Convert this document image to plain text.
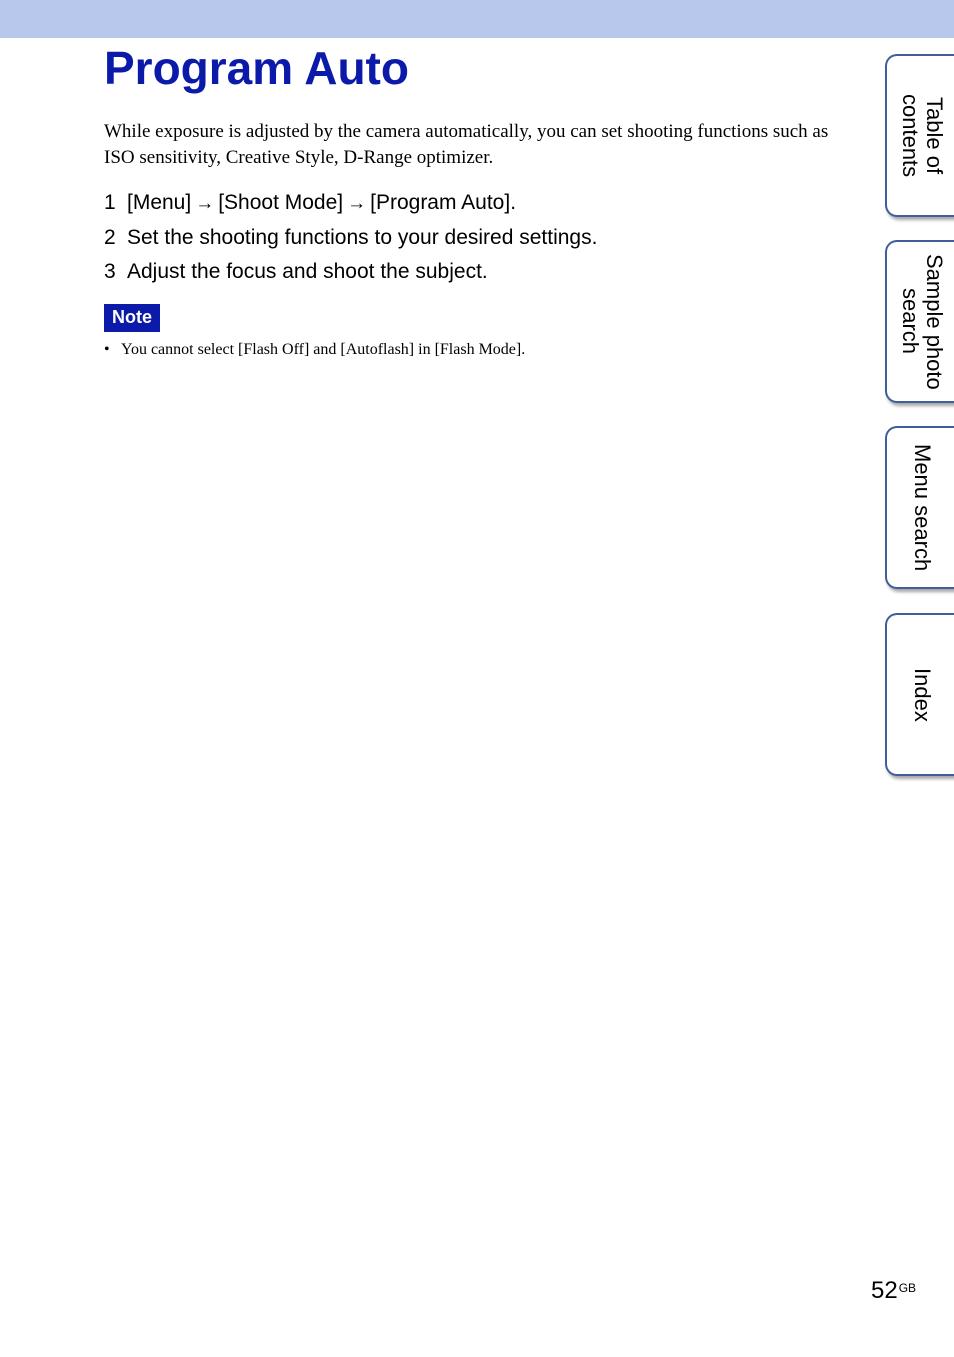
Program Auto

While exposure is adjusted by the camera automatically, you can set shooting functions such as ISO sensitivity, Creative Style, D-Range optimizer.

1 [Menu] → [Shoot Mode] → [Program Auto].
2 Set the shooting functions to your desired settings.
3 Adjust the focus and shoot the subject.
Note

• You cannot select [Flash Off] and [Autoflash] in [Flash Mode].

Table of
contents
Sample photo
search
Menu search
Index
$52^{GB}$
